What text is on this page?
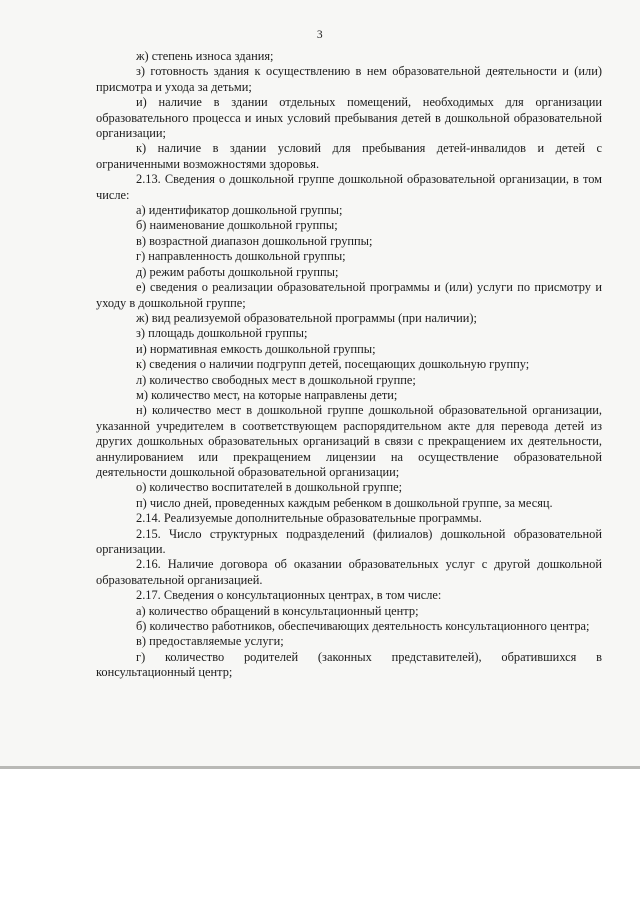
3

ж) степень износа здания;

з) готовность здания к осуществлению в нем образовательной деятельности и (или) присмотра и ухода за детьми;

и) наличие в здании отдельных помещений, необходимых для организации образовательного процесса и иных условий пребывания детей в дошкольной образовательной организации;

к) наличие в здании условий для пребывания детей-инвалидов и детей с ограниченными возможностями здоровья.

2.13. Сведения о дошкольной группе дошкольной образовательной организации, в том числе:

а) идентификатор дошкольной группы;

б) наименование дошкольной группы;

в) возрастной диапазон дошкольной группы;

г) направленность дошкольной группы;

д) режим работы дошкольной группы;

е) сведения о реализации образовательной программы и (или) услуги по присмотру и уходу в дошкольной группе;

ж) вид реализуемой образовательной программы (при наличии);

з) площадь дошкольной группы;

и) нормативная емкость дошкольной группы;

к) сведения о наличии подгрупп детей, посещающих дошкольную группу;

л) количество свободных мест в дошкольной группе;

м) количество мест, на которые направлены дети;

н) количество мест в дошкольной группе дошкольной образовательной организации, указанной учредителем в соответствующем распорядительном акте для перевода детей из других дошкольных образовательных организаций в связи с прекращением их деятельности, аннулированием или прекращением лицензии на осуществление образовательной деятельности дошкольной образовательной организации;

о) количество воспитателей в дошкольной группе;

п) число дней, проведенных каждым ребенком в дошкольной группе, за месяц.

2.14. Реализуемые дополнительные образовательные программы.

2.15. Число структурных подразделений (филиалов) дошкольной образовательной организации.

2.16. Наличие договора об оказании образовательных услуг с другой дошкольной образовательной организацией.

2.17. Сведения о консультационных центрах, в том числе:

а) количество обращений в консультационный центр;

б) количество работников, обеспечивающих деятельность консультационного центра;

в) предоставляемые услуги;

г) количество родителей (законных представителей), обратившихся в консультационный центр;
